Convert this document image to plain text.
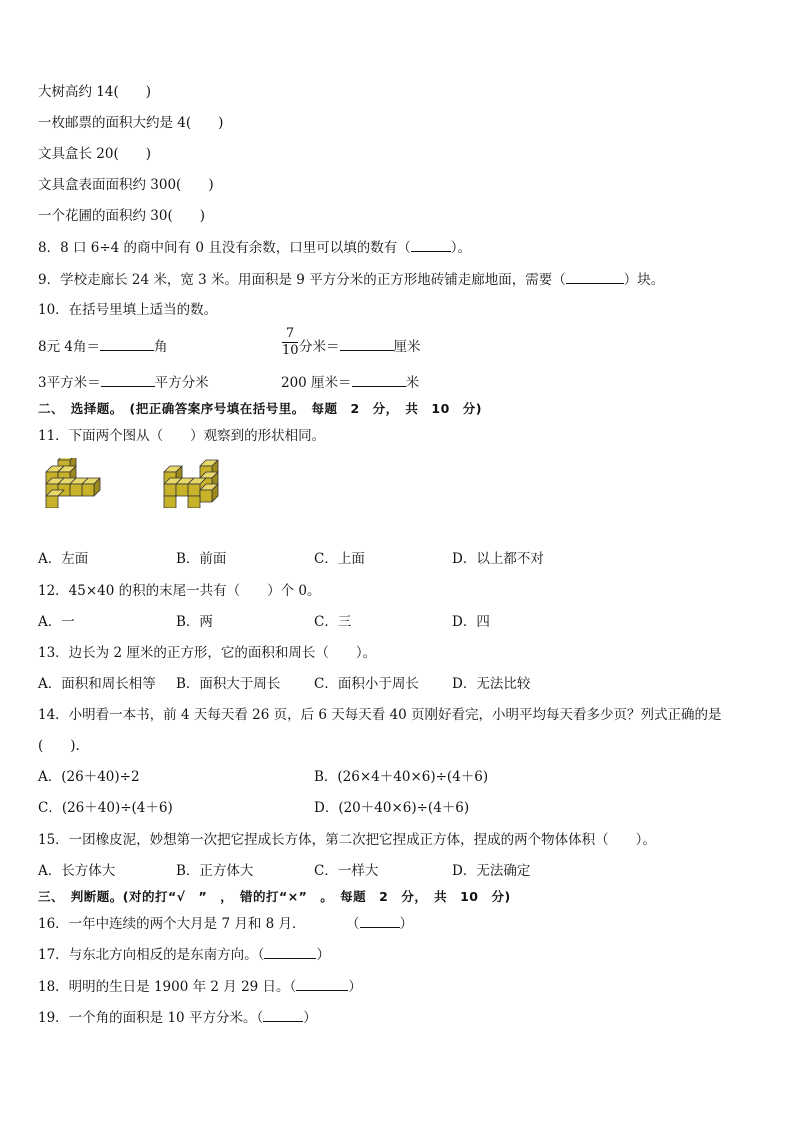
大树高约 14(　　)
一枚邮票的面积大约是 4(　　)
文具盒长 20(　　)
文具盒表面面积约 300(　　)
一个花圃的面积约 30(　　)
8．8 口 6÷4 的商中间有 0 且没有余数，口里可以填的数有（	）。
9．学校走廊长 24 米，宽 3 米。用面积是 9 平方分米的正方形地砖铺走廊地面，需要（	）块。
10．在括号里填上适当的数。
8元 4角＝	角	$\frac{7}{10}$ 分米＝	厘米
3平方米＝	平方分米	200 厘米＝	米
二、　选择题。　(把正确答案序号填在括号里。　每题　2　分，　共　10　分)
11．下面两个图从（　　）观察到的形状相同。
A．左面	B．前面	C．上面	D．以上都不对
12．45×40 的积的末尾一共有（　　）个 0。
A．一	B．两	C．三	D．四
13．边长为 2 厘米的正方形，它的面积和周长（　　）。
A．面积和周长相等 B．面积大于周长 C．面积小于周长 D．无法比较
14．小明看一本书，前 4 天每天看 26 页，后 6 天每天看 40 页刚好看完，小明平均每天看多少页？列式正确的是
(　　).
A．(26＋40)÷2	B．(26×4＋40×6)÷(4＋6)
C．(26＋40)÷(4＋6)	D．(20＋40×6)÷(4＋6)
15．一团橡皮泥，妙想第一次把它捏成长方体，第二次把它捏成正方体，捏成的两个物体体积（　　）。
A．长方体大	B．正方体大	C．一样大	D．无法确定
三、　判断题。(对的打“√　”　，　错的打“×”　。　每题　2　分，　共　10　分)
16．一年中连续的两个大月是 7 月和 8 月．　　　　（	）
17．与东北方向相反的是东南方向。（	）
18．明明的生日是 1900 年 2 月 29 日。（	）
19．一个角的面积是 10 平方分米。（	）
